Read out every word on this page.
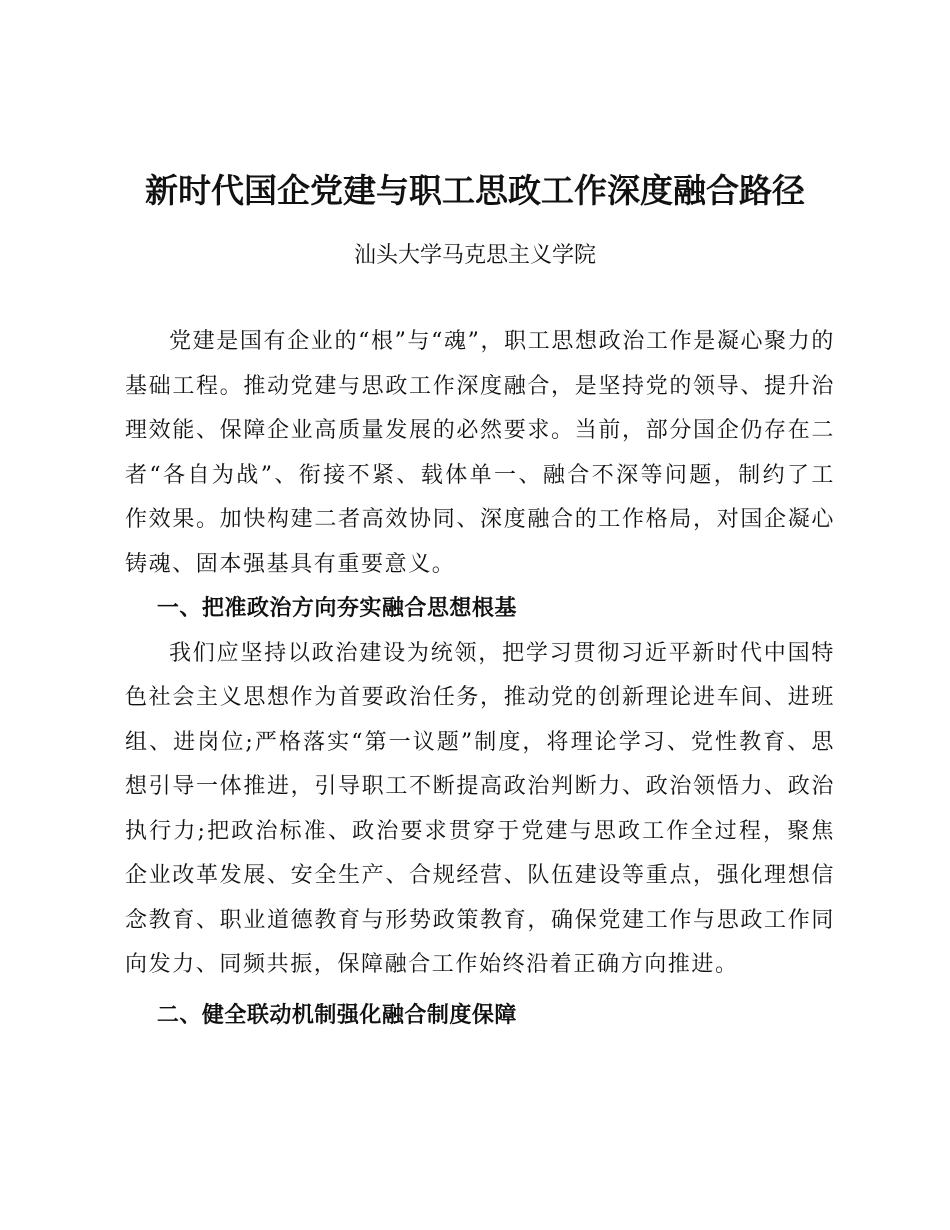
新时代国企党建与职工思政工作深度融合路径

汕头大学马克思主义学院

党建是国有企业的“根”与“魂”，职工思想政治工作是凝心聚力的基础工程。推动党建与思政工作深度融合，是坚持党的领导、提升治理效能、保障企业高质量发展的必然要求。当前，部分国企仍存在二者“各自为战”、衔接不紧、载体单一、融合不深等问题，制约了工作效果。加快构建二者高效协同、深度融合的工作格局，对国企凝心铸魂、固本强基具有重要意义。

一、把准政治方向夯实融合思想根基

我们应坚持以政治建设为统领，把学习贯彻习近平新时代中国特色社会主义思想作为首要政治任务，推动党的创新理论进车间、进班组、进岗位;严格落实“第一议题”制度，将理论学习、党性教育、思想引导一体推进，引导职工不断提高政治判断力、政治领悟力、政治执行力;把政治标准、政治要求贯穿于党建与思政工作全过程，聚焦企业改革发展、安全生产、合规经营、队伍建设等重点，强化理想信念教育、职业道德教育与形势政策教育，确保党建工作与思政工作同向发力、同频共振，保障融合工作始终沿着正确方向推进。

二、健全联动机制强化融合制度保障
